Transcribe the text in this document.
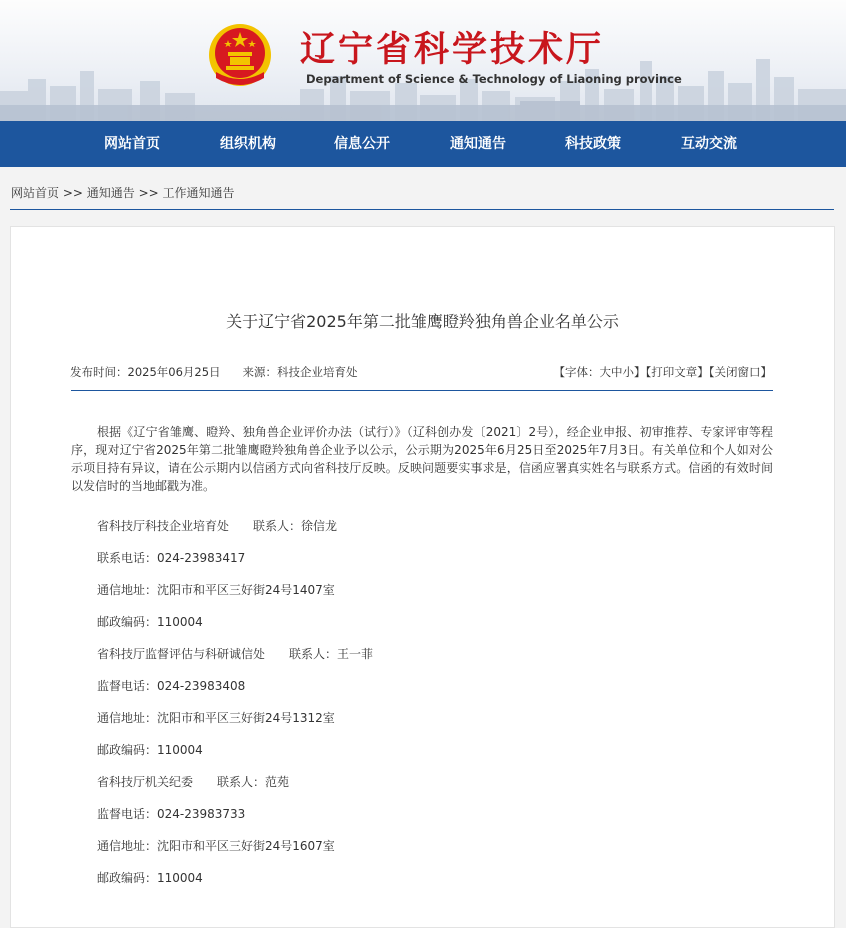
辽宁省科学技术厅
Department of Science & Technology of Liaoning province
网站首页	组织机构	信息公开	通知通告	科技政策	互动交流
网站首页 >> 通知通告 >> 工作通知通告
关于辽宁省2025年第二批雏鹰瞪羚独角兽企业名单公示
发布时间：2025年06月25日 来源：科技企业培育处	【字体：大中小】【打印文章】【关闭窗口】
根据《辽宁省雏鹰、瞪羚、独角兽企业评价办法（试行）》（辽科创办发〔2021〕2号），经企业申报、初审推荐、专家评审等程序，现对辽宁省2025年第二批雏鹰瞪羚独角兽企业予以公示，公示期为2025年6月25日至2025年7月3日。有关单位和个人如对公示项目持有异议，请在公示期内以信函方式向省科技厅反映。反映问题要实事求是，信函应署真实姓名与联系方式。信函的有效时间以发信时的当地邮戳为准。
省科技厅科技企业培育处　　联系人：徐信龙
联系电话：024-23983417
通信地址：沈阳市和平区三好街24号1407室
邮政编码：110004
省科技厅监督评估与科研诚信处　　联系人：王一菲
监督电话：024-23983408
通信地址：沈阳市和平区三好街24号1312室
邮政编码：110004
省科技厅机关纪委　　联系人：范苑
监督电话：024-23983733
通信地址：沈阳市和平区三好街24号1607室
邮政编码：110004
